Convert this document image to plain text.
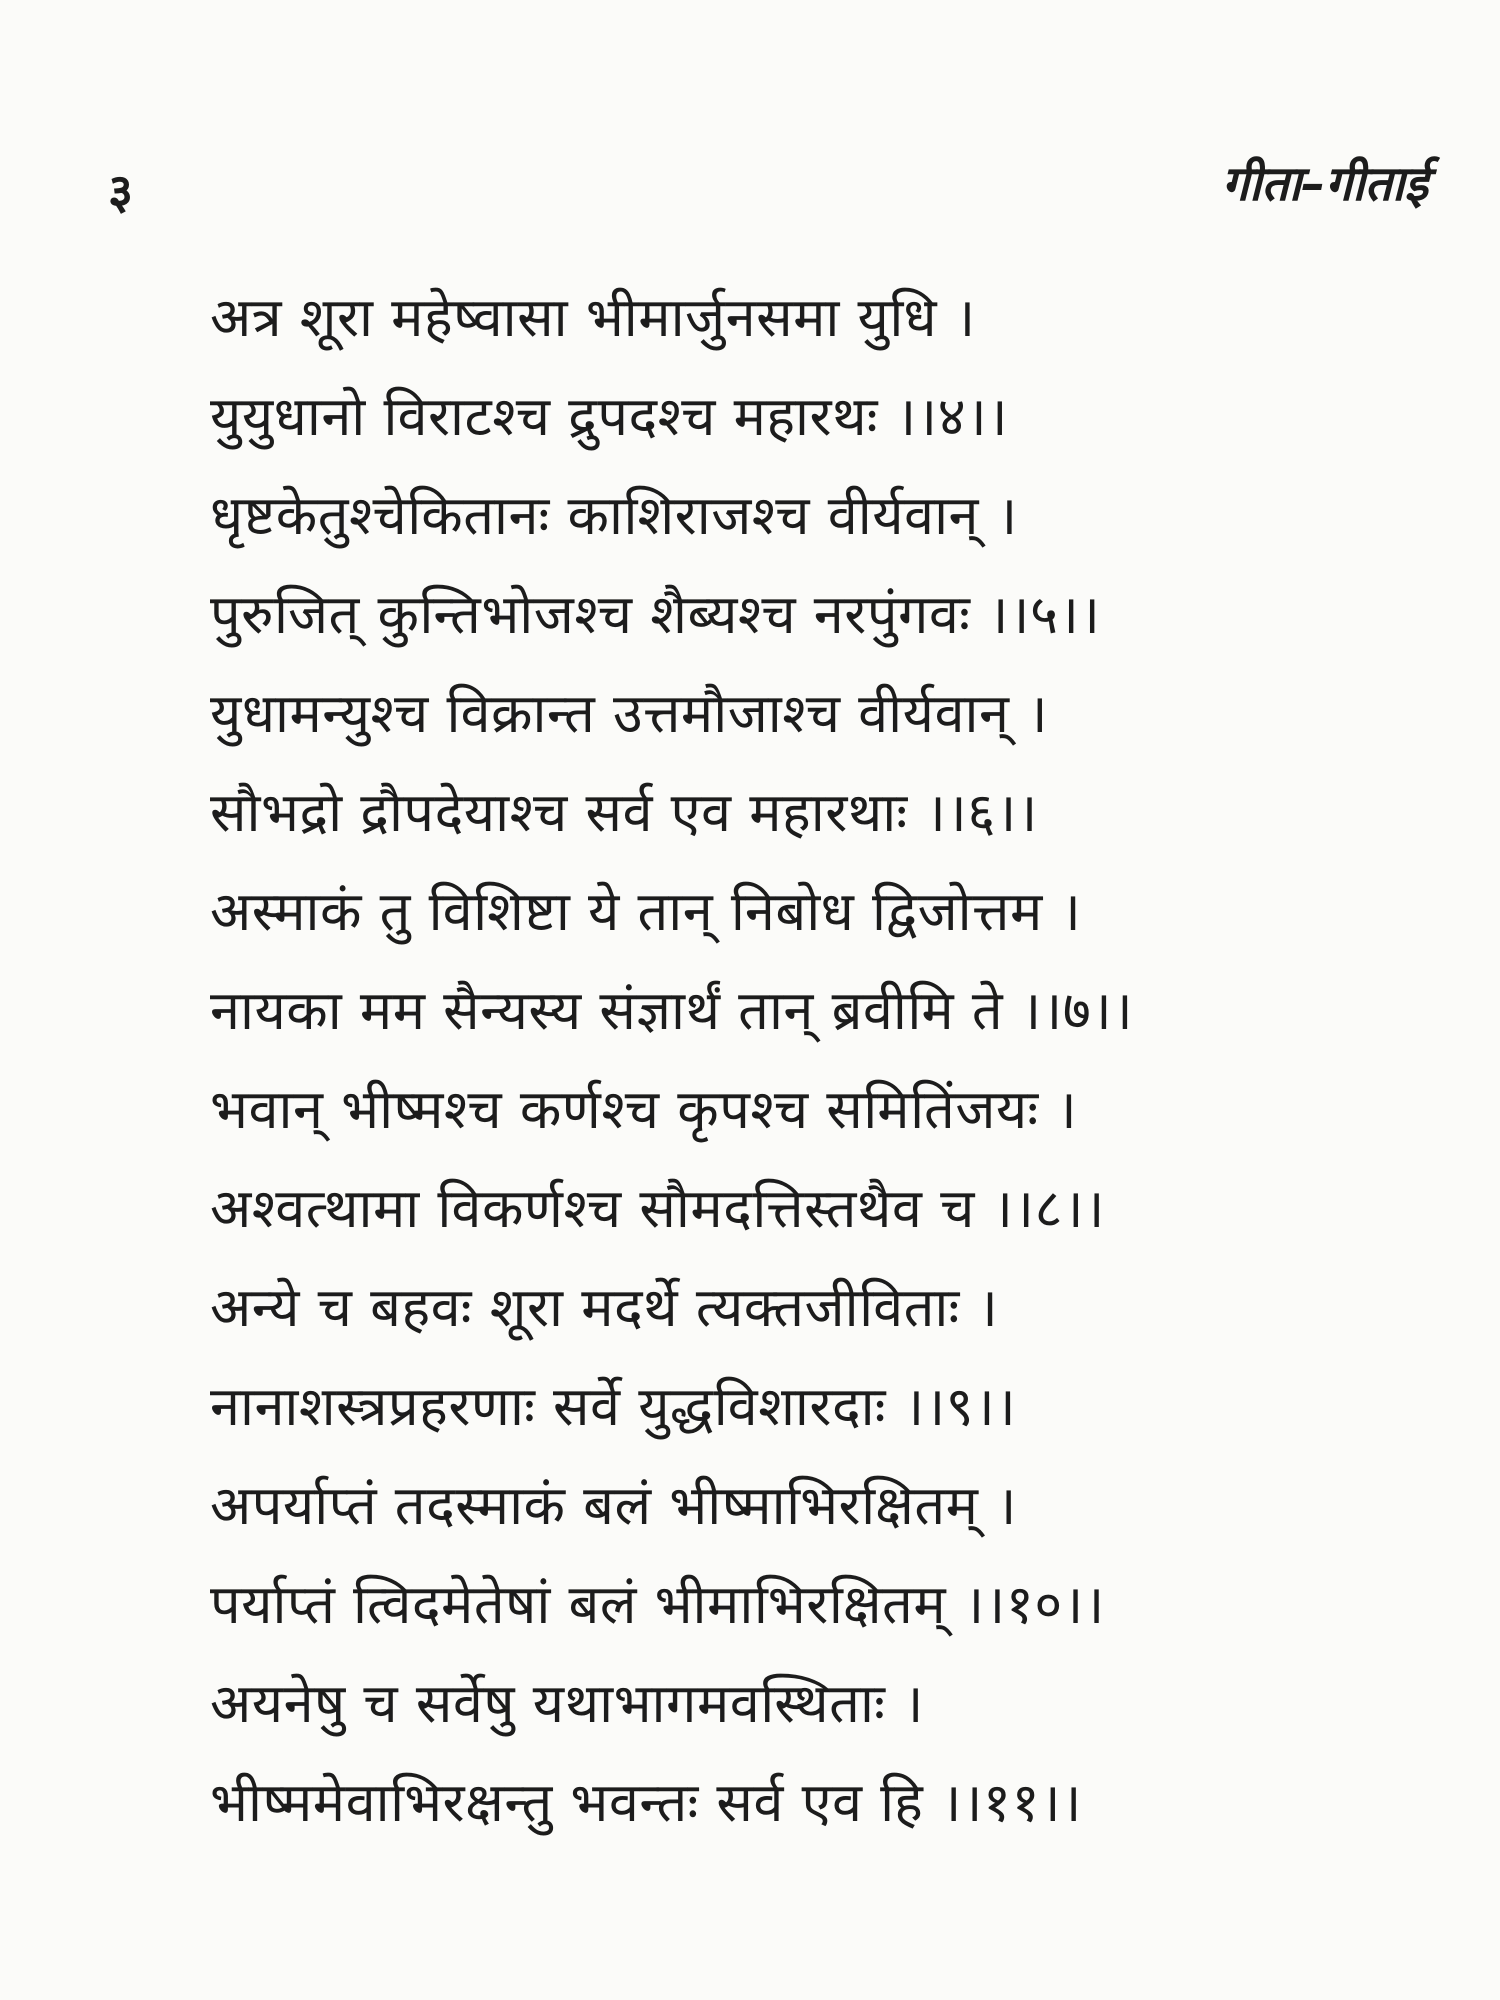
३	गीता–गीताई
अत्र शूरा महेष्वासा भीमार्जुनसमा युधि ।
युयुधानो विराटश्च द्रुपदश्च महारथः ।।४।।
धृष्टकेतुश्चेकितानः काशिराजश्च वीर्यवान् ।
पुरुजित् कुन्तिभोजश्च शैब्यश्च नरपुंगवः ।।५।।
युधामन्युश्च विक्रान्त उत्तमौजाश्च वीर्यवान् ।
सौभद्रो द्रौपदेयाश्च सर्व एव महारथाः ।।६।।
अस्माकं तु विशिष्टा ये तान् निबोध द्विजोत्तम ।
नायका मम सैन्यस्य संज्ञार्थं तान् ब्रवीमि ते ।।७।।
भवान् भीष्मश्च कर्णश्च कृपश्च समितिंजयः ।
अश्वत्थामा विकर्णश्च सौमदत्तिस्तथैव च ।।८।।
अन्ये च बहवः शूरा मदर्थे त्यक्तजीविताः ।
नानाशस्त्रप्रहरणाः सर्वे युद्धविशारदाः ।।९।।
अपर्याप्तं तदस्माकं बलं भीष्माभिरक्षितम् ।
पर्याप्तं त्विदमेतेषां बलं भीमाभिरक्षितम् ।।१०।।
अयनेषु च सर्वेषु यथाभागमवस्थिताः ।
भीष्ममेवाभिरक्षन्तु भवन्तः सर्व एव हि ।।११।।
